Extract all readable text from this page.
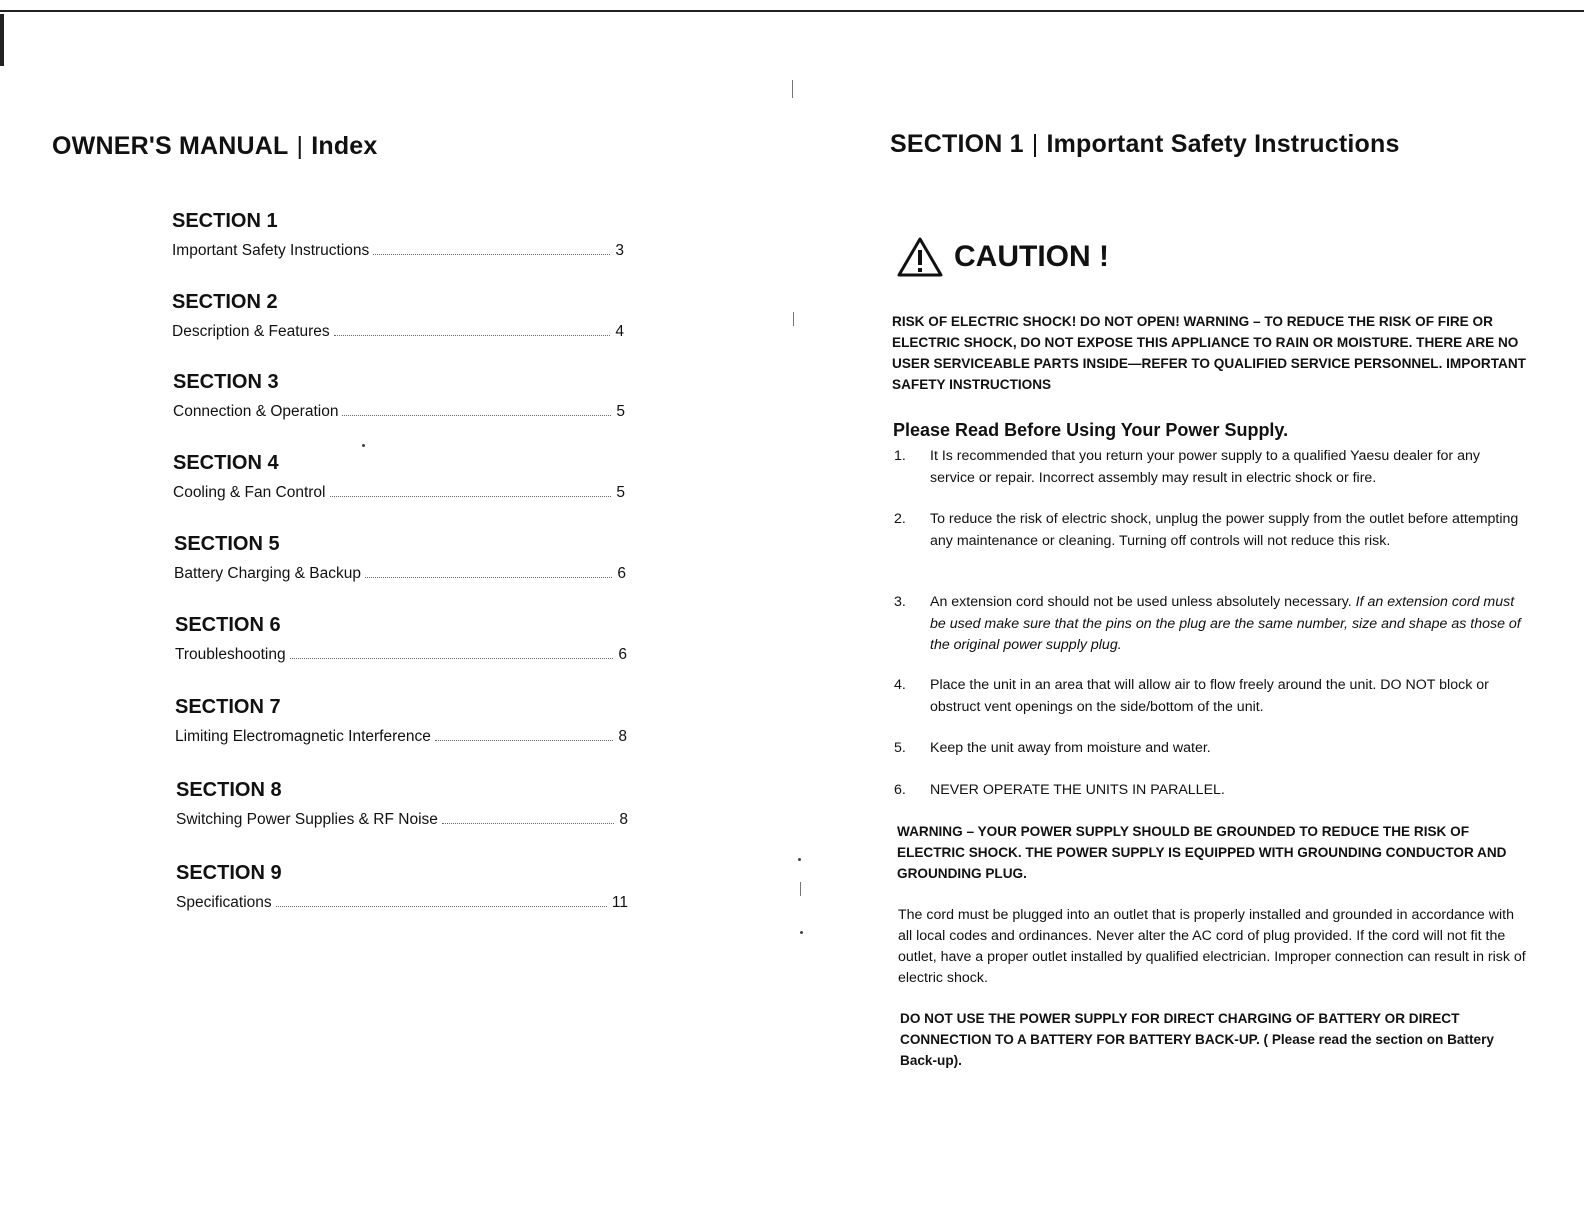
OWNER'S MANUAL | Index
SECTION 1
Important Safety Instructions	3
SECTION 2
Description & Features	4
SECTION 3
Connection & Operation	5
SECTION 4
Cooling & Fan Control	5
SECTION 5
Battery Charging & Backup	6
SECTION 6
Troubleshooting	6
SECTION 7
Limiting Electromagnetic Interference	8
SECTION 8
Switching Power Supplies & RF Noise	8
SECTION 9
Specifications	11
SECTION 1 | Important Safety Instructions
CAUTION !
RISK OF ELECTRIC SHOCK! DO NOT OPEN! WARNING – TO REDUCE THE RISK OF FIRE OR ELECTRIC SHOCK, DO NOT EXPOSE THIS APPLIANCE TO RAIN OR MOISTURE. THERE ARE NO USER SERVICEABLE PARTS INSIDE—REFER TO QUALIFIED SERVICE PERSONNEL. IMPORTANT SAFETY INSTRUCTIONS
Please Read Before Using Your Power Supply.
1.	It Is recommended that you return your power supply to a qualified Yaesu dealer for any service or repair. Incorrect assembly may result in electric shock or fire.
2.	To reduce the risk of electric shock, unplug the power supply from the outlet before attempting any maintenance or cleaning. Turning off controls will not reduce this risk.
3.	An extension cord should not be used unless absolutely necessary. If an extension cord must be used make sure that the pins on the plug are the same number, size and shape as those of the original power supply plug.
4.	Place the unit in an area that will allow air to flow freely around the unit. DO NOT block or obstruct vent openings on the side/bottom of the unit.
5.	Keep the unit away from moisture and water.
6.	NEVER OPERATE THE UNITS IN PARALLEL.
WARNING – YOUR POWER SUPPLY SHOULD BE GROUNDED TO REDUCE THE RISK OF ELECTRIC SHOCK. THE POWER SUPPLY IS EQUIPPED WITH GROUNDING CONDUCTOR AND GROUNDING PLUG.
The cord must be plugged into an outlet that is properly installed and grounded in accordance with all local codes and ordinances. Never alter the AC cord of plug provided. If the cord will not fit the outlet, have a proper outlet installed by qualified electrician. Improper connection can result in risk of electric shock.
DO NOT USE THE POWER SUPPLY FOR DIRECT CHARGING OF BATTERY OR DIRECT CONNECTION TO A BATTERY FOR BATTERY BACK-UP. ( Please read the section on Battery Back-up).
